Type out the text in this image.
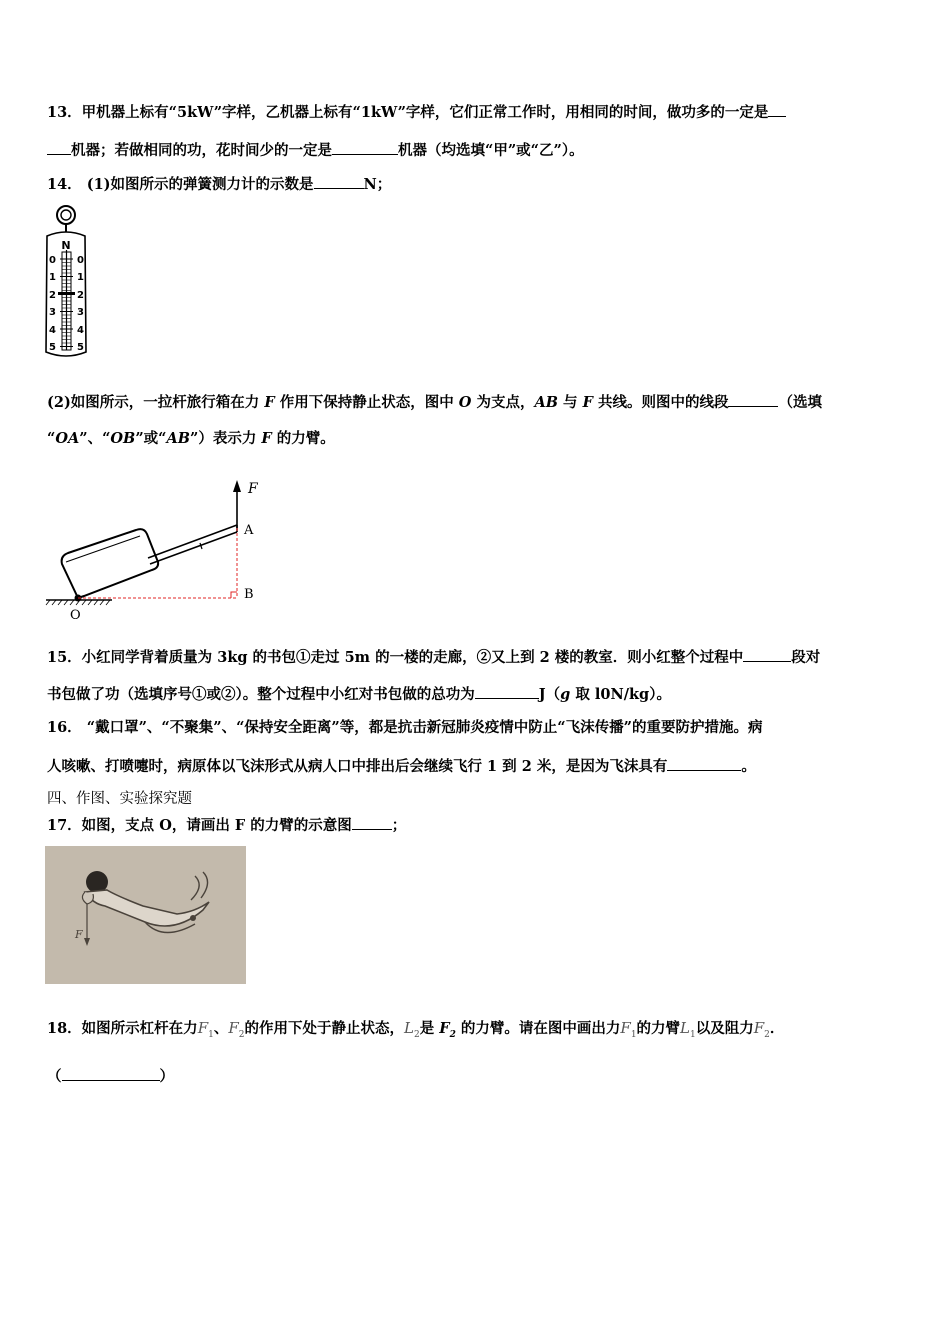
13．甲机器上标有“5kW”字样，乙机器上标有“1kW”字样，它们正常工作时，用相同的时间，做功多的一定是
机器；若做相同的功，花时间少的一定是	机器（均选填“甲”或“乙”）。
14． (1)如图所示的弹簧测力计的示数是	N；
N
0
1
2
3
4
5
0
1
2
3
4
5
(2)如图所示，一拉杆旅行箱在力 F 作用下保持静止状态，图中 O 为支点，AB 与 F 共线。则图中的线段	（选填
“OA”、“OB”或“AB”）表示力 F 的力臂。
F
A
B
O
15．小红同学背着质量为 3kg 的书包①走过 5m 的一楼的走廊，②又上到 2 楼的教室．则小红整个过程中	段对
书包做了功（选填序号①或②）。整个过程中小红对书包做的总功为	J（g 取 l0N/kg）。
16． “戴口罩”、“不聚集”、“保持安全距离”等，都是抗击新冠肺炎疫情中防止“飞沫传播”的重要防护措施。病
人咳嗽、打喷嚏时，病原体以飞沫形式从病人口中排出后会继续飞行 1 到 2 米，是因为飞沫具有	。
四、作图、实验探究题
17．如图，支点 O，请画出 F 的力臂的示意图	；
F
18．如图所示杠杆在力$F_1$、$F_2$的作用下处于静止状态，$L_2$是 $F_2$ 的力臂。请在图中画出力$F_1$的力臂$L_1$以及阻力$F_2$．
（	）
